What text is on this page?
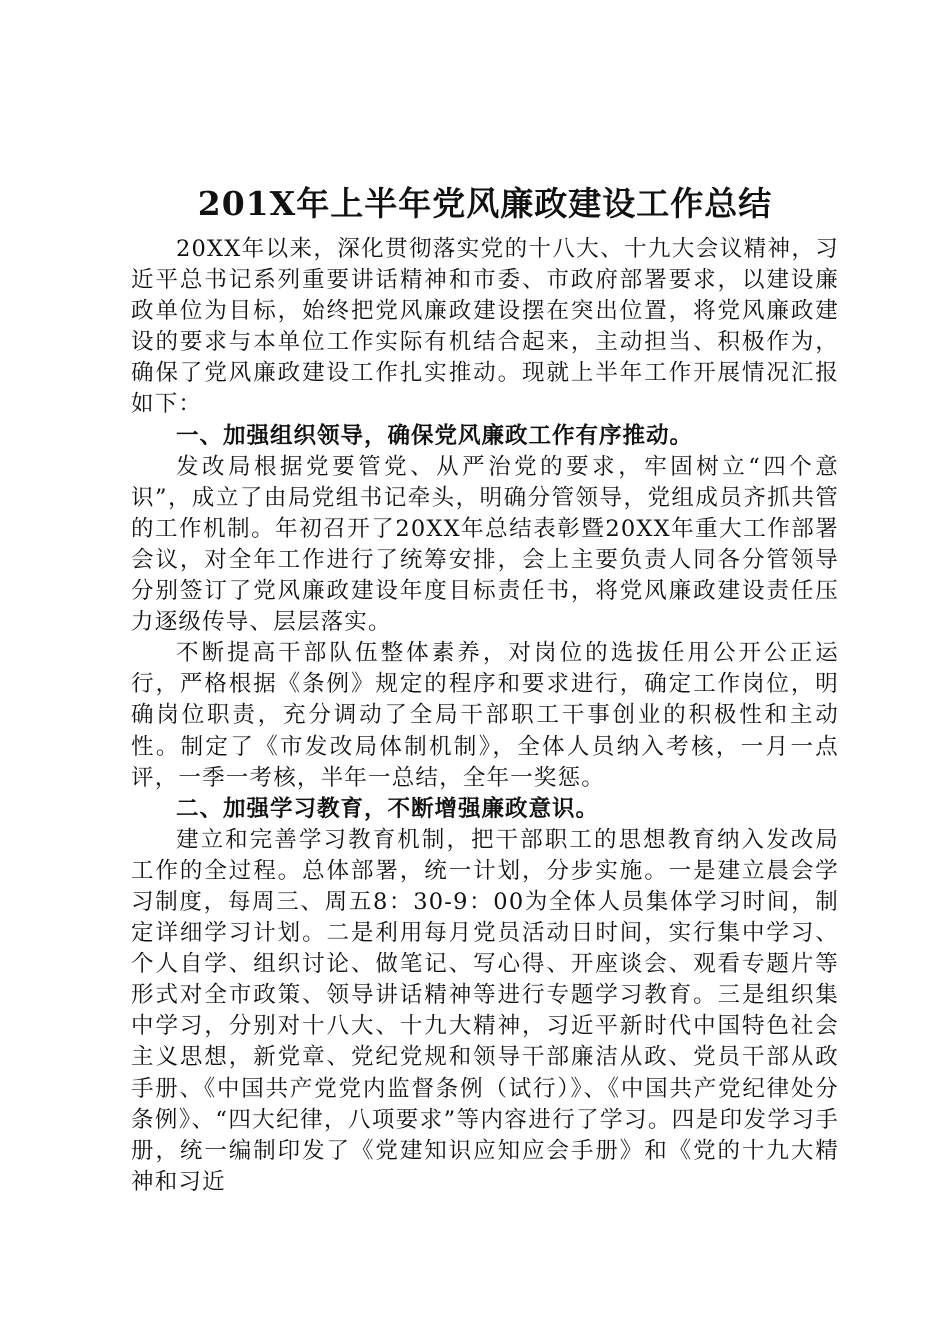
201X年上半年党风廉政建设工作总结

20XX年以来，深化贯彻落实党的十八大、十九大会议精神，习近平总书记系列重要讲话精神和市委、市政府部署要求，以建设廉政单位为目标，始终把党风廉政建设摆在突出位置，将党风廉政建设的要求与本单位工作实际有机结合起来，主动担当、积极作为，确保了党风廉政建设工作扎实推动。现就上半年工作开展情况汇报如下：

一、加强组织领导，确保党风廉政工作有序推动。

发改局根据党要管党、从严治党的要求，牢固树立“四个意识”，成立了由局党组书记牵头，明确分管领导，党组成员齐抓共管的工作机制。年初召开了20XX年总结表彰暨20XX年重大工作部署会议，对全年工作进行了统筹安排，会上主要负责人同各分管领导分别签订了党风廉政建设年度目标责任书，将党风廉政建设责任压力逐级传导、层层落实。

不断提高干部队伍整体素养，对岗位的选拔任用公开公正运行，严格根据《条例》规定的程序和要求进行，确定工作岗位，明确岗位职责，充分调动了全局干部职工干事创业的积极性和主动性。制定了《市发改局体制机制》，全体人员纳入考核，一月一点评，一季一考核，半年一总结，全年一奖惩。

二、加强学习教育，不断增强廉政意识。

建立和完善学习教育机制，把干部职工的思想教育纳入发改局工作的全过程。总体部署，统一计划，分步实施。一是建立晨会学习制度，每周三、周五8：30-9：00为全体人员集体学习时间，制定详细学习计划。二是利用每月党员活动日时间，实行集中学习、个人自学、组织讨论、做笔记、写心得、开座谈会、观看专题片等形式对全市政策、领导讲话精神等进行专题学习教育。三是组织集中学习，分别对十八大、十九大精神，习近平新时代中国特色社会主义思想，新党章、党纪党规和领导干部廉洁从政、党员干部从政手册、《中国共产党党内监督条例（试行）》、《中国共产党纪律处分条例》、“四大纪律，八项要求”等内容进行了学习。四是印发学习手册，统一编制印发了《党建知识应知应会手册》和《党的十九大精神和习近
